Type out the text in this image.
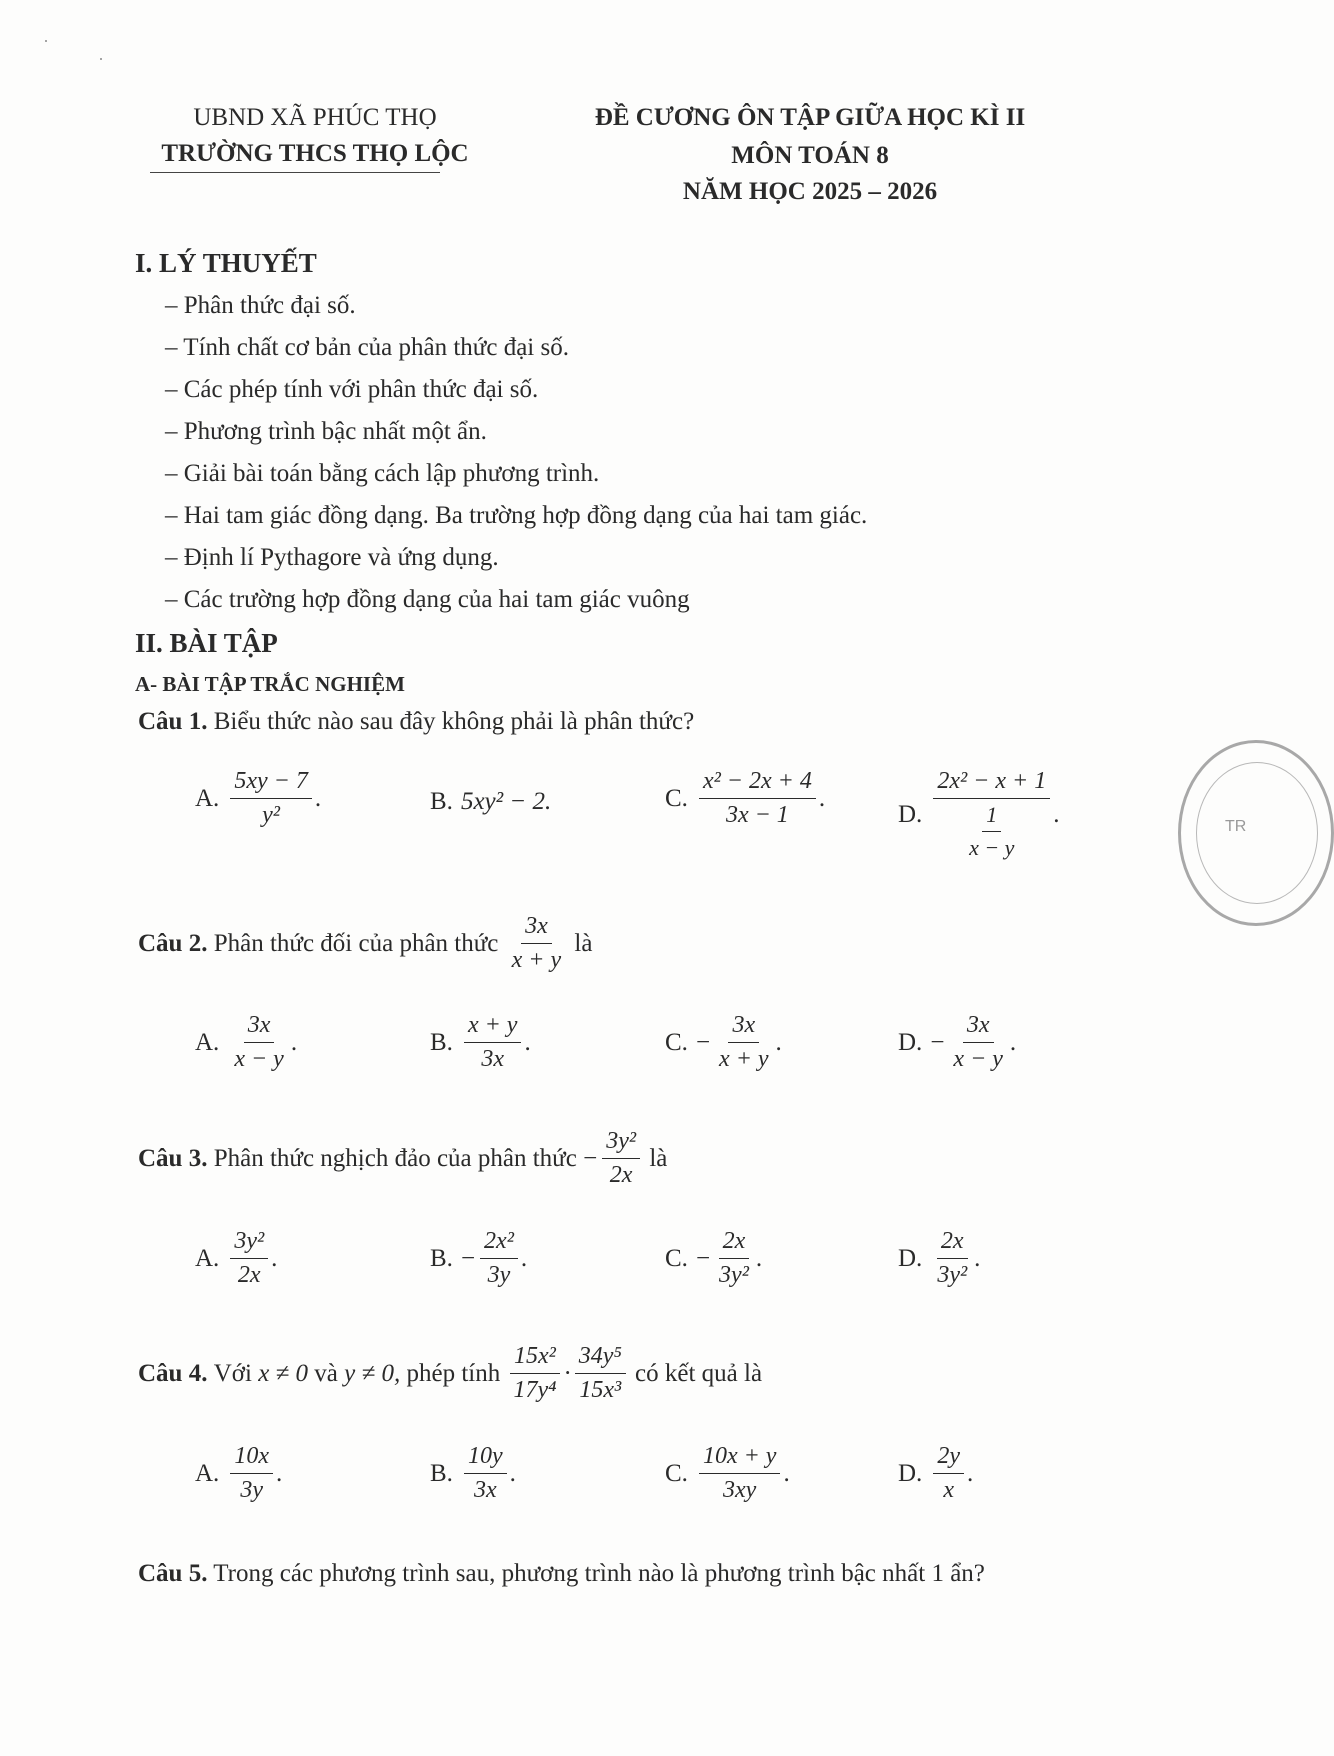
UBND XÃ PHÚC THỌ
TRƯỜNG THCS THỌ LỘC
ĐỀ CƯƠNG ÔN TẬP GIỮA HỌC KÌ II
MÔN TOÁN 8
NĂM HỌC 2025 – 2026
I. LÝ THUYẾT
– Phân thức đại số.
– Tính chất cơ bản của phân thức đại số.
– Các phép tính với phân thức đại số.
– Phương trình bậc nhất một ẩn.
– Giải bài toán bằng cách lập phương trình.
– Hai tam giác đồng dạng. Ba trường hợp đồng dạng của hai tam giác.
– Định lí Pythagore và ứng dụng.
– Các trường hợp đồng dạng của hai tam giác vuông
II. BÀI TẬP
A- BÀI TẬP TRẮC NGHIỆM
Câu 1. Biểu thức nào sau đây không phải là phân thức?
A. $\frac{5xy - 7}{\text{y²}}$ .	B. 5xy² − 2.	C. $\frac{\text{x² − 2x + 4}}{3x - 1}$ .
D. $\frac{\text{2x² − x + 1}}{\frac{1}{x - y}}$ .
Câu 2.
Phân thức đối của phân thức
$\frac{3x}{x + y}$
là
A. $\frac{3x}{x - y}$ .	B. $\frac{x + y}{3x}$ .	C. − $\frac{3x}{x + y}$ .	D. − $\frac{3x}{x - y}$ .
Câu 3.
Phân thức nghịch đảo của phân thức
− $\frac{\text{3y²}}{2x}$
là
A. $\frac{\text{3y²}}{2x}$ .	B. − $\frac{\text{2x²}}{3y}$ .	C. − $\frac{2x}{\text{3y²}}$ .	D. $\frac{2x}{\text{3y²}}$ .
Câu 4.
Với
x ≠ 0
và
y ≠ 0,
phép tính
$\frac{\text{15x²}}{\text{17y⁴}} \cdot \frac{\text{34y⁵}}{\text{15x³}}$
có kết quả là
A. $\frac{10x}{3y}$ .	B. $\frac{10y}{3x}$ .	C. $\frac{10x + y}{3xy}$ .	D. $\frac{2y}{x}$ .
Câu 5. Trong các phương trình sau, phương trình nào là phương trình bậc nhất 1 ẩn?
TR
